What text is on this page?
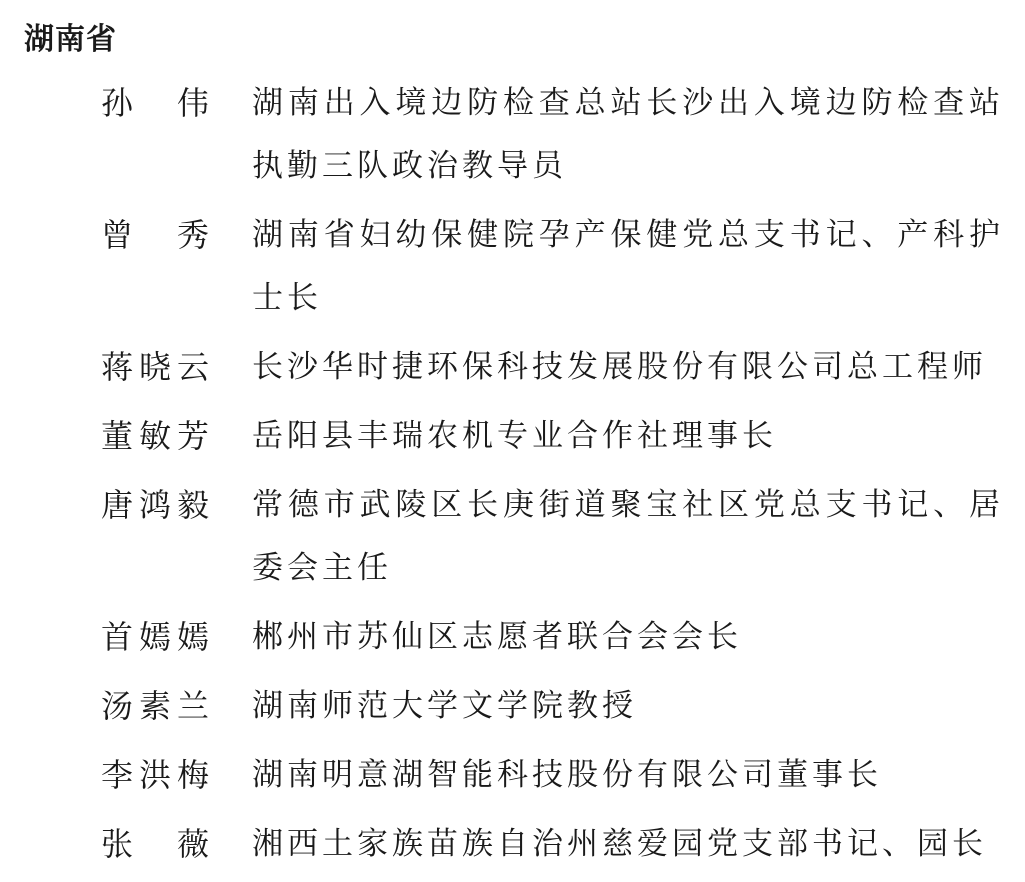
湖南省
孙 伟 湖南出入境边防检查总站长沙出入境边防检查站执勤三队政治教导员
曾 秀 湖南省妇幼保健院孕产保健党总支书记、产科护士长
蒋 晓 云 长沙华时捷环保科技发展股份有限公司总工程师
董 敏 芳 岳阳县丰瑞农机专业合作社理事长
唐 鸿 毅 常德市武陵区长庚街道聚宝社区党总支书记、居委会主任
首 嫣 嫣 郴州市苏仙区志愿者联合会会长
汤 素 兰 湖南师范大学文学院教授
李 洪 梅 湖南明意湖智能科技股份有限公司董事长
张 薇 湘西土家族苗族自治州慈爱园党支部书记、园长
